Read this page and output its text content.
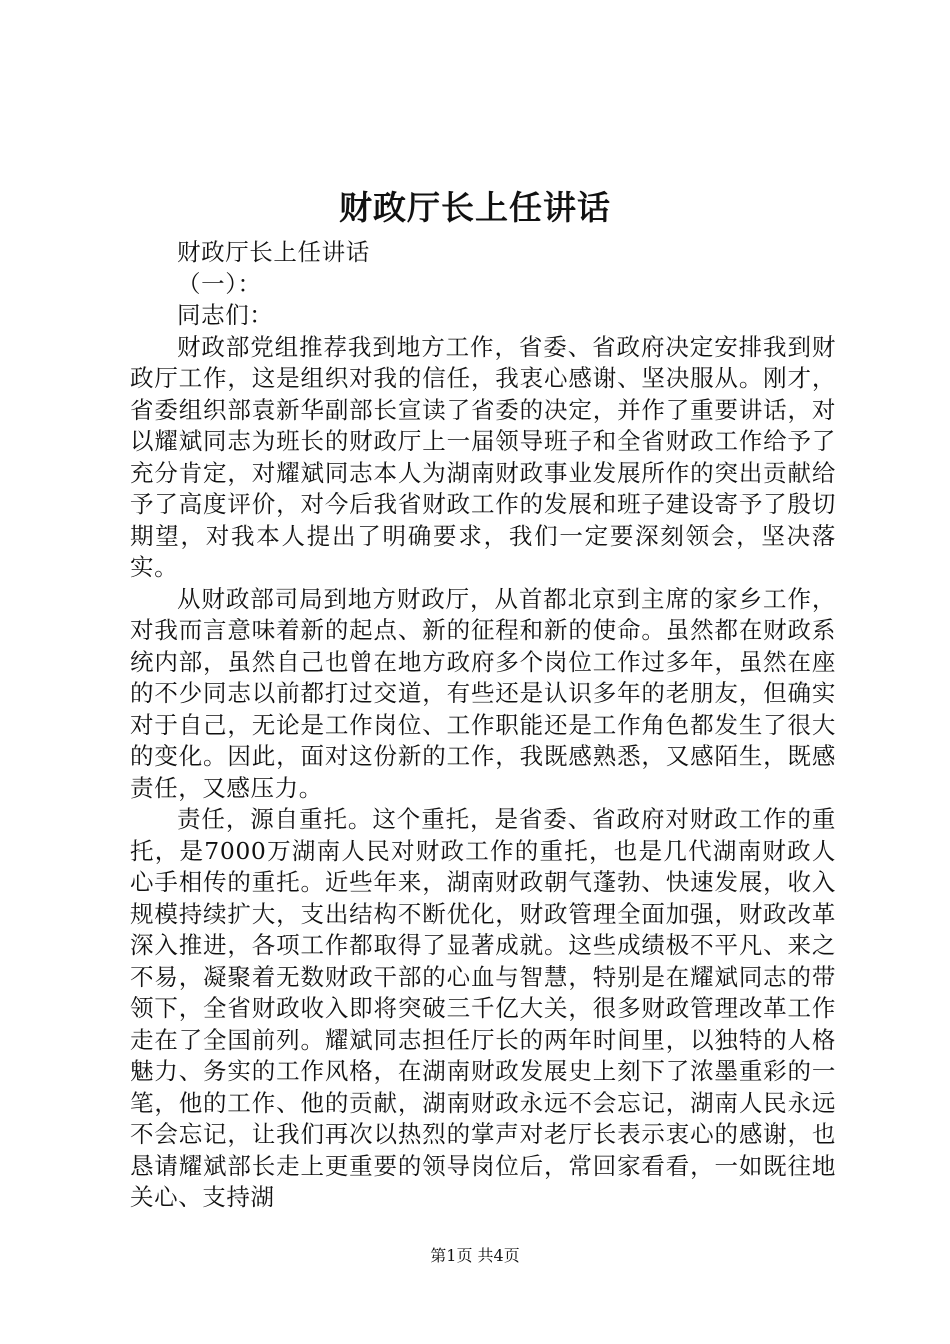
财政厅长上任讲话

财政厅长上任讲话

（一）：

同志们：

财政部党组推荐我到地方工作，省委、省政府决定安排我到财政厅工作，这是组织对我的信任，我衷心感谢、坚决服从。刚才，省委组织部袁新华副部长宣读了省委的决定，并作了重要讲话，对以耀斌同志为班长的财政厅上一届领导班子和全省财政工作给予了充分肯定，对耀斌同志本人为湖南财政事业发展所作的突出贡献给予了高度评价，对今后我省财政工作的发展和班子建设寄予了殷切期望，对我本人提出了明确要求，我们一定要深刻领会，坚决落实。

从财政部司局到地方财政厅，从首都北京到主席的家乡工作，对我而言意味着新的起点、新的征程和新的使命。虽然都在财政系统内部，虽然自己也曾在地方政府多个岗位工作过多年，虽然在座的不少同志以前都打过交道，有些还是认识多年的老朋友，但确实对于自己，无论是工作岗位、工作职能还是工作角色都发生了很大的变化。因此，面对这份新的工作，我既感熟悉，又感陌生，既感责任，又感压力。

责任，源自重托。这个重托，是省委、省政府对财政工作的重托，是7000万湖南人民对财政工作的重托，也是几代湖南财政人心手相传的重托。近些年来，湖南财政朝气蓬勃、快速发展，收入规模持续扩大，支出结构不断优化，财政管理全面加强，财政改革深入推进，各项工作都取得了显著成就。这些成绩极不平凡、来之不易，凝聚着无数财政干部的心血与智慧，特别是在耀斌同志的带领下，全省财政收入即将突破三千亿大关，很多财政管理改革工作走在了全国前列。耀斌同志担任厅长的两年时间里，以独特的人格魅力、务实的工作风格，在湖南财政发展史上刻下了浓墨重彩的一笔，他的工作、他的贡献，湖南财政永远不会忘记，湖南人民永远不会忘记，让我们再次以热烈的掌声对老厅长表示衷心的感谢，也恳请耀斌部长走上更重要的领导岗位后，常回家看看，一如既往地关心、支持湖

第1页 共4页
